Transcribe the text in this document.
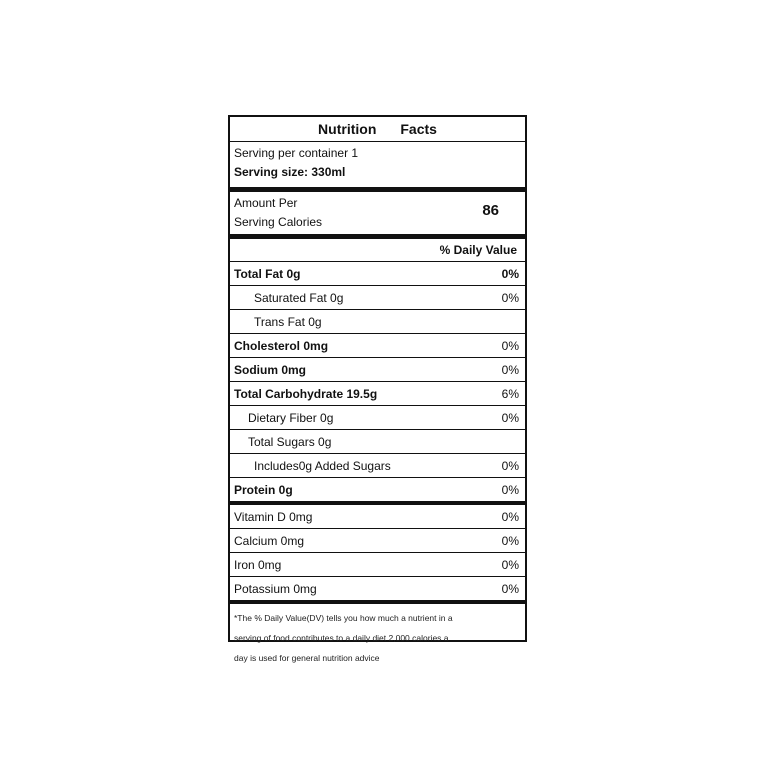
Nutrition Facts
Serving per container 1
Serving size: 330ml
Amount Per
Serving Calories
86
% Daily Value
Total Fat 0g	0%
Saturated Fat 0g	0%
Trans Fat 0g
Cholesterol 0mg	0%
Sodium 0mg	0%
Total Carbohydrate 19.5g	6%
Dietary Fiber 0g	0%
Total Sugars 0g
Includes0g Added Sugars	0%
Protein 0g	0%
Vitamin D 0mg	0%
Calcium 0mg	0%
Iron 0mg	0%
Potassium 0mg	0%
*The % Daily Value(DV) tells you how much a nutrient in a
serving of food contributes to a daily diet 2,000 calories a
day is used for general nutrition advice
